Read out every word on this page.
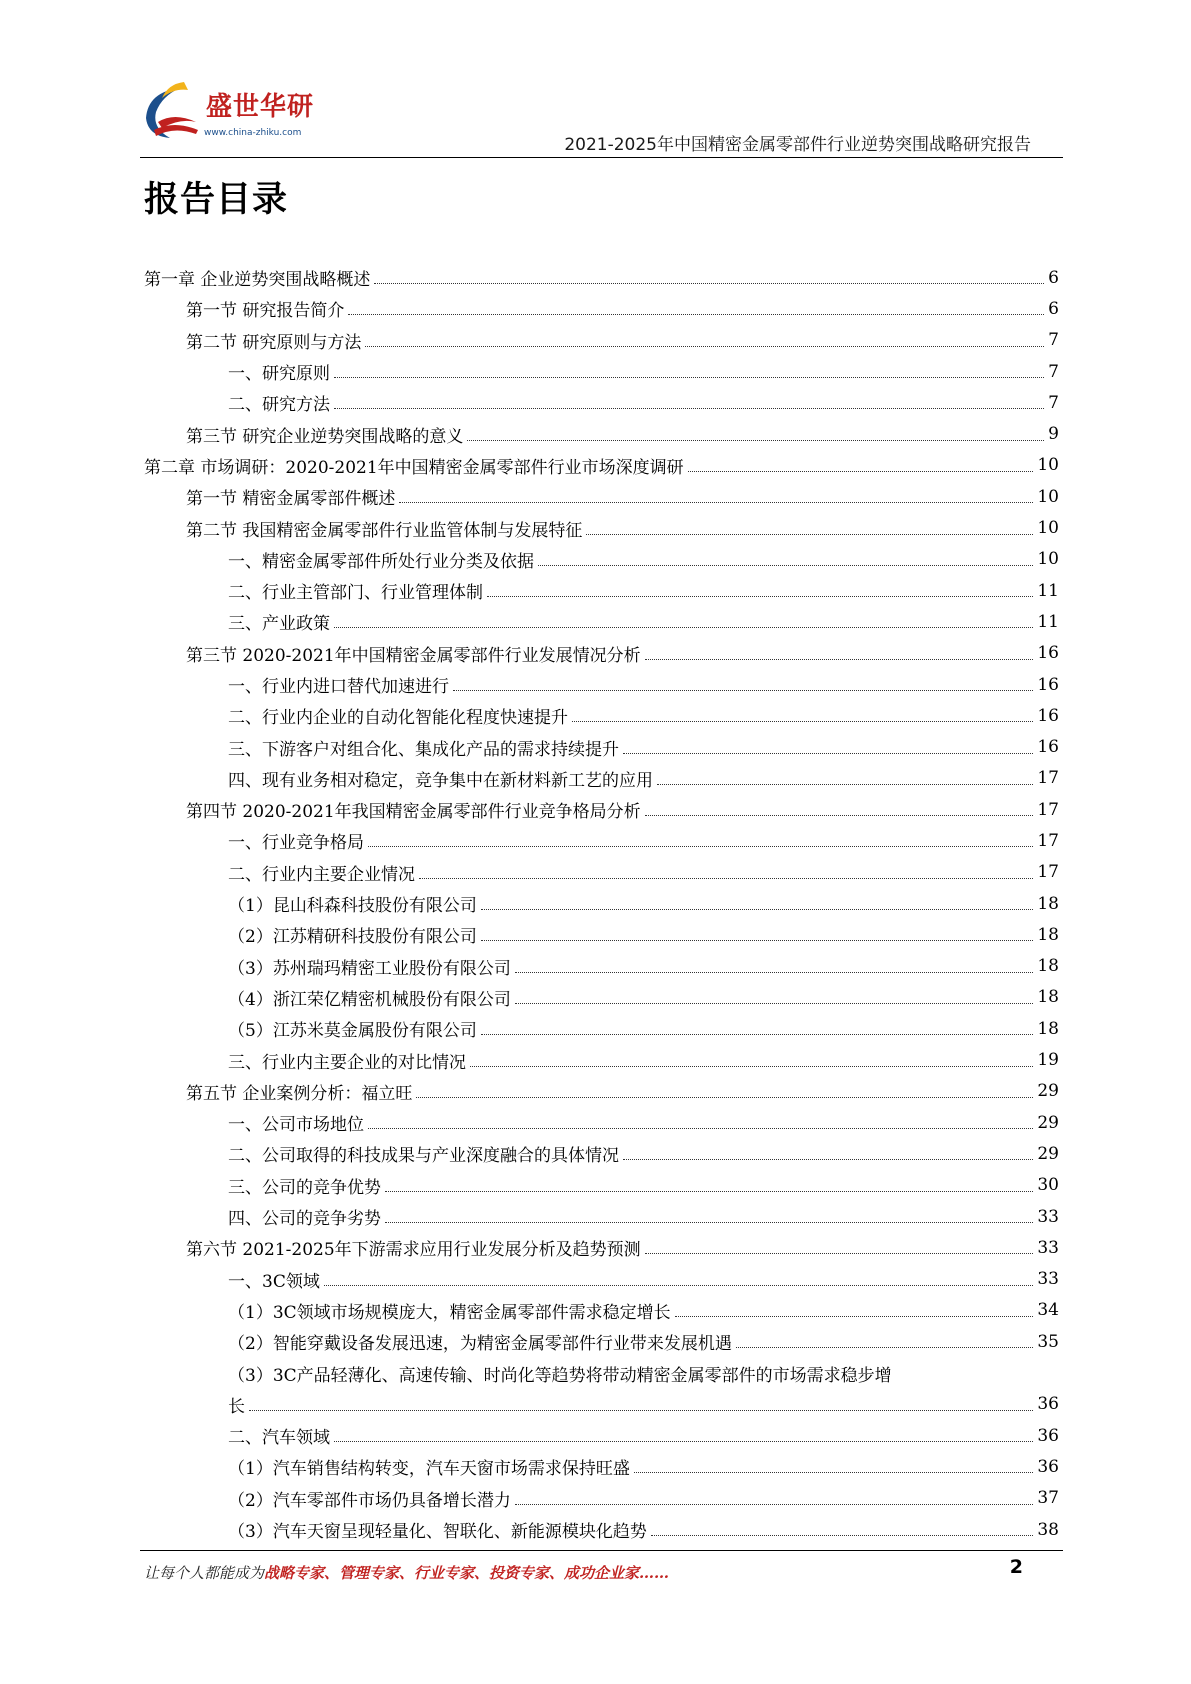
盛世华研
www.china-zhiku.com
2021-2025年中国精密金属零部件行业逆势突围战略研究报告
报告目录
第一章 企业逆势突围战略概述	6
第一节 研究报告简介	6
第二节 研究原则与方法	7
一、研究原则	7
二、研究方法	7
第三节 研究企业逆势突围战略的意义	9
第二章 市场调研：2020-2021年中国精密金属零部件行业市场深度调研	10
第一节 精密金属零部件概述	10
第二节 我国精密金属零部件行业监管体制与发展特征	10
一、精密金属零部件所处行业分类及依据	10
二、行业主管部门、行业管理体制	11
三、产业政策	11
第三节 2020-2021年中国精密金属零部件行业发展情况分析	16
一、行业内进口替代加速进行	16
二、行业内企业的自动化智能化程度快速提升	16
三、下游客户对组合化、集成化产品的需求持续提升	16
四、现有业务相对稳定，竞争集中在新材料新工艺的应用	17
第四节 2020-2021年我国精密金属零部件行业竞争格局分析	17
一、行业竞争格局	17
二、行业内主要企业情况	17
（1）昆山科森科技股份有限公司	18
（2）江苏精研科技股份有限公司	18
（3）苏州瑞玛精密工业股份有限公司	18
（4）浙江荣亿精密机械股份有限公司	18
（5）江苏米莫金属股份有限公司	18
三、行业内主要企业的对比情况	19
第五节 企业案例分析：福立旺	29
一、公司市场地位	29
二、公司取得的科技成果与产业深度融合的具体情况	29
三、公司的竞争优势	30
四、公司的竞争劣势	33
第六节 2021-2025年下游需求应用行业发展分析及趋势预测	33
一、3C领域	33
（1）3C领域市场规模庞大，精密金属零部件需求稳定增长	34
（2）智能穿戴设备发展迅速，为精密金属零部件行业带来发展机遇	35
（3）3C产品轻薄化、高速传输、时尚化等趋势将带动精密金属零部件的市场需求稳步增
长	36
二、汽车领域	36
（1）汽车销售结构转变，汽车天窗市场需求保持旺盛	36
（2）汽车零部件市场仍具备增长潜力	37
（3）汽车天窗呈现轻量化、智联化、新能源模块化趋势	38
让每个人都能成为战略专家、管理专家、行业专家、投资专家、成功企业家……	2
